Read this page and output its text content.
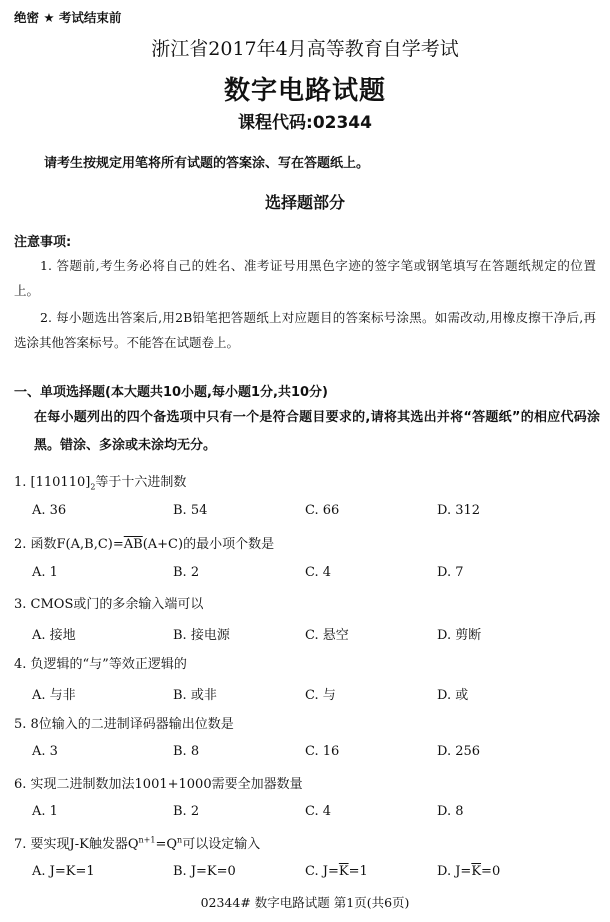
绝密 ★ 考试结束前
浙江省2017年4月高等教育自学考试
数字电路试题
课程代码:02344
请考生按规定用笔将所有试题的答案涂、写在答题纸上。
选择题部分
注意事项:
1. 答题前,考生务必将自己的姓名、准考证号用黑色字迹的签字笔或钢笔填写在答题纸规定的位置上。
2. 每小题选出答案后,用2B铅笔把答题纸上对应题目的答案标号涂黑。如需改动,用橡皮擦干净后,再选涂其他答案标号。不能答在试题卷上。
一、单项选择题(本大题共10小题,每小题1分,共10分)
在每小题列出的四个备选项中只有一个是符合题目要求的,请将其选出并将“答题纸”的相应代码涂黑。错涂、多涂或未涂均无分。
1. $[110110]_2$等于十六进制数
A. 36	B. 54	C. 66	D. 312
2. 函数$F(A,B,C)=\overline{AB}(A+C)$的最小项个数是
A. 1	B. 2	C. 4	D. 7
3. CMOS或门的多余输入端可以
A. 接地	B. 接电源	C. 悬空	D. 剪断
4. 负逻辑的“与”等效正逻辑的
A. 与非	B. 或非	C. 与	D. 或
5. 8位输入的二进制译码器输出位数是
A. 3	B. 8	C. 16	D. 256
6. 实现二进制数加法1001+1000需要全加器数量
A. 1	B. 2	C. 4	D. 8
7. 要实现J-K触发器$Q^{n+1}=Q^n$可以设定输入
A. J=K=1	B. J=K=0	C. $J=\overline{K}=1$	D. $J=\overline{K}=0$
02344# 数字电路试题 第1页(共6页)
